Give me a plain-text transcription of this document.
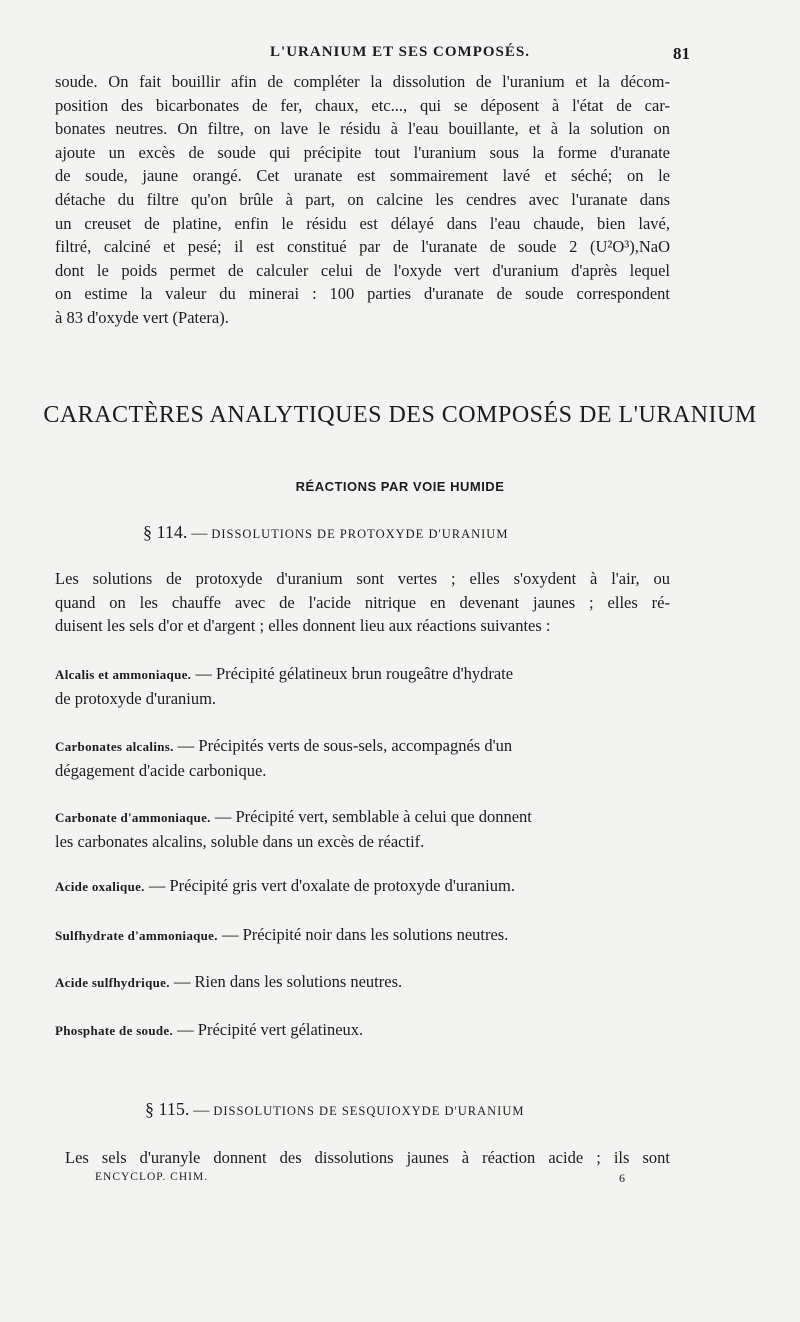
L'URANIUM ET SES COMPOSÉS.	81
soude. On fait bouillir afin de compléter la dissolution de l'uranium et la décom-
position des bicarbonates de fer, chaux, etc..., qui se déposent à l'état de car-
bonates neutres. On filtre, on lave le résidu à l'eau bouillante, et à la solution on
ajoute un excès de soude qui précipite tout l'uranium sous la forme d'uranate
de soude, jaune orangé. Cet uranate est sommairement lavé et séché; on le
détache du filtre qu'on brûle à part, on calcine les cendres avec l'uranate dans
un creuset de platine, enfin le résidu est délayé dans l'eau chaude, bien lavé,
filtré, calciné et pesé; il est constitué par de l'uranate de soude 2 (U²O³),NaO
dont le poids permet de calculer celui de l'oxyde vert d'uranium d'après lequel
on estime la valeur du minerai : 100 parties d'uranate de soude correspondent
à 83 d'oxyde vert (Patera).
CARACTÈRES ANALYTIQUES DES COMPOSÉS DE L'URANIUM
RÉACTIONS PAR VOIE HUMIDE
§ 114. — DISSOLUTIONS DE PROTOXYDE D'URANIUM
Les solutions de protoxyde d'uranium sont vertes ; elles s'oxydent à l'air, ou
quand on les chauffe avec de l'acide nitrique en devenant jaunes ; elles ré-
duisent les sels d'or et d'argent ; elles donnent lieu aux réactions suivantes :
Alcalis et ammoniaque. — Précipité gélatineux brun rougeâtre d'hydrate
de protoxyde d'uranium.
Carbonates alcalins. — Précipités verts de sous-sels, accompagnés d'un
dégagement d'acide carbonique.
Carbonate d'ammoniaque. — Précipité vert, semblable à celui que donnent
les carbonates alcalins, soluble dans un excès de réactif.
Acide oxalique. — Précipité gris vert d'oxalate de protoxyde d'uranium.
Sulfhydrate d'ammoniaque. — Précipité noir dans les solutions neutres.
Acide sulfhydrique. — Rien dans les solutions neutres.
Phosphate de soude. — Précipité vert gélatineux.
§ 115. — DISSOLUTIONS DE SESQUIOXYDE D'URANIUM
Les sels d'uranyle donnent des dissolutions jaunes à réaction acide ; ils sont
ENCYCLOP. CHIM.	6
